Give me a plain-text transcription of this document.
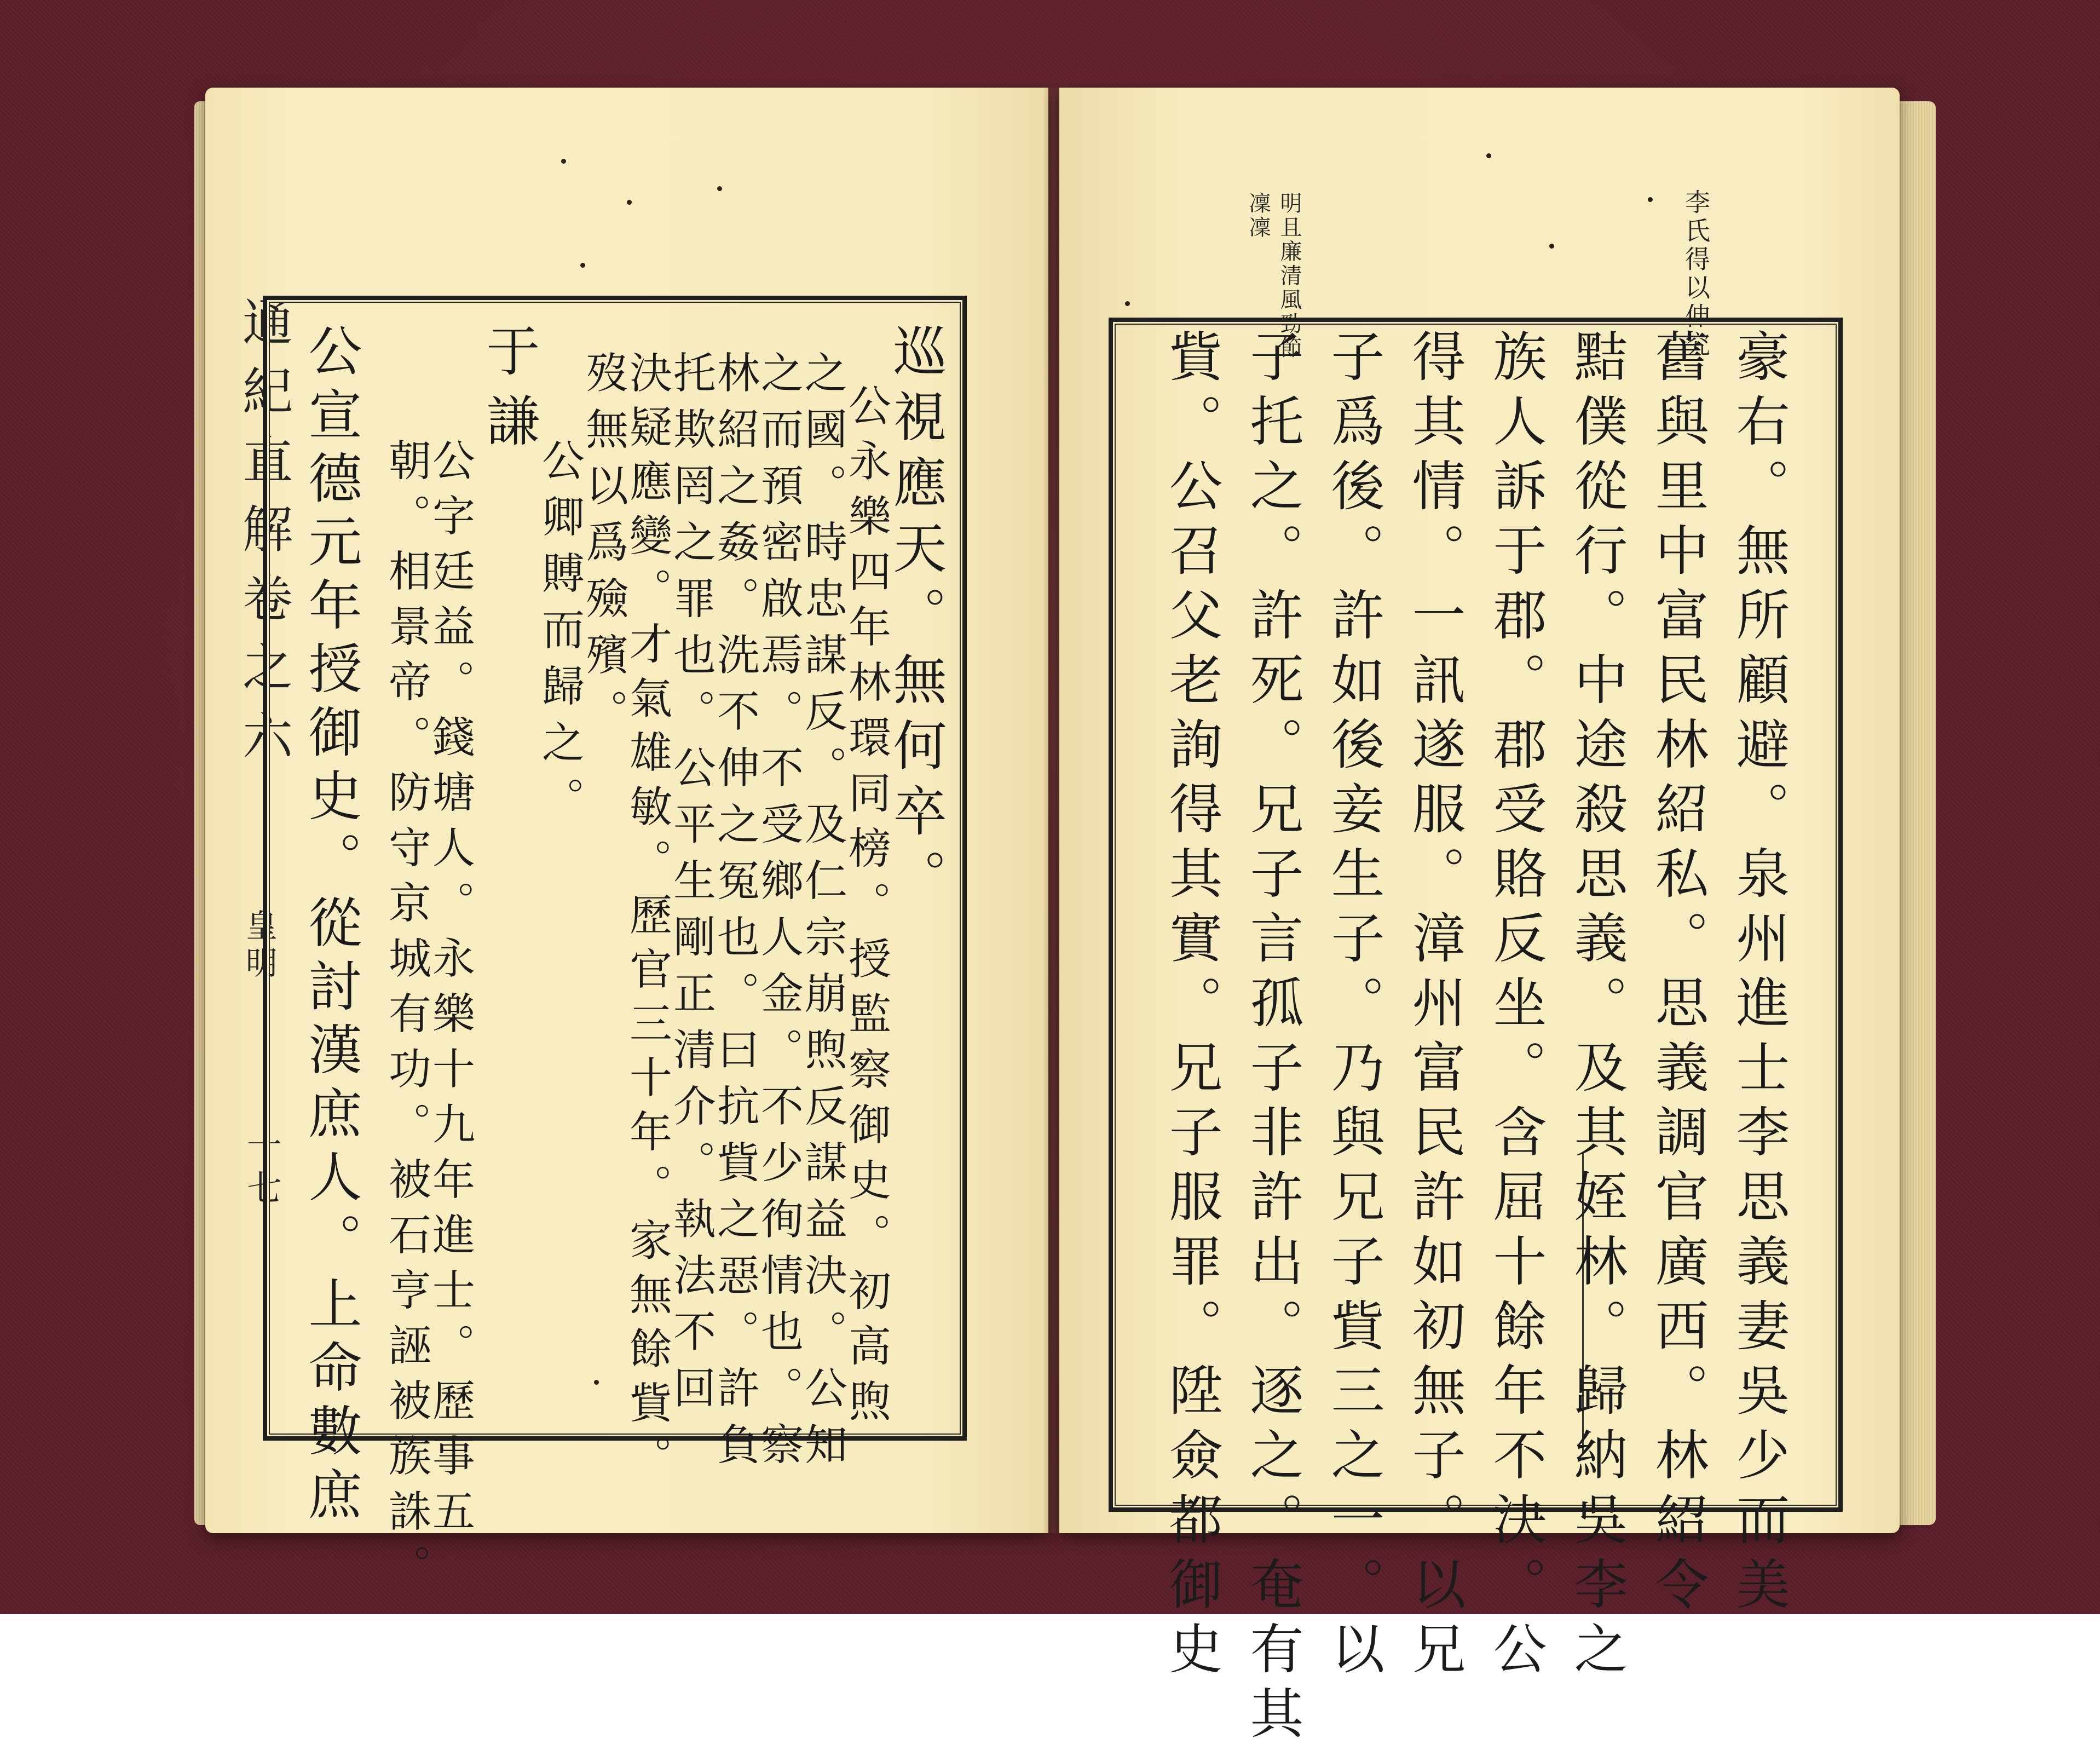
通紀直解卷之六
皇明
十七
巡視應天。無何卒。
公永樂四年林環同榜。授監察御史。初高煦
之國。時忠謀反。及仁宗崩煦反謀益決。公知
之而預密啟焉。不受鄉人金。不少徇情也。察
林紹之姦。洗不伸之冤也。曰抗貲之惡。許負
托欺罔之罪也。公平生剛正清介。執法不回
決疑應變。才氣雄敏。歷官三十年。家無餘貲。
歿無以爲殮殯。
公卿賻而歸之。
于謙
公字廷益。錢塘人。永樂十九年進士。歷事五
朝。相景帝。防守京城有功。被石亨誣被族誅。
公宣德元年授御史。從討漢庶人。上命數庶
李氏得以伸究
明且廉清風勁節凜凜
豪右。無所顧避。泉州進士李思義妻吳少而美
舊與里中富民林紹私。思義調官廣西。林紹令
黠僕從行。中途殺思義。及其姪林。歸納吳李之
族人訴于郡。郡受賂反坐。含屈十餘年不決。公
得其情。一訊遂服。漳州富民許如初無子。以兄
子爲後。許如後妾生子。乃與兄子貲三之一。以
子托之。許死。兄子言孤子非許出。逐之。奄有其
貲。公召父老詢得其實。兄子服罪。陞僉都御史
